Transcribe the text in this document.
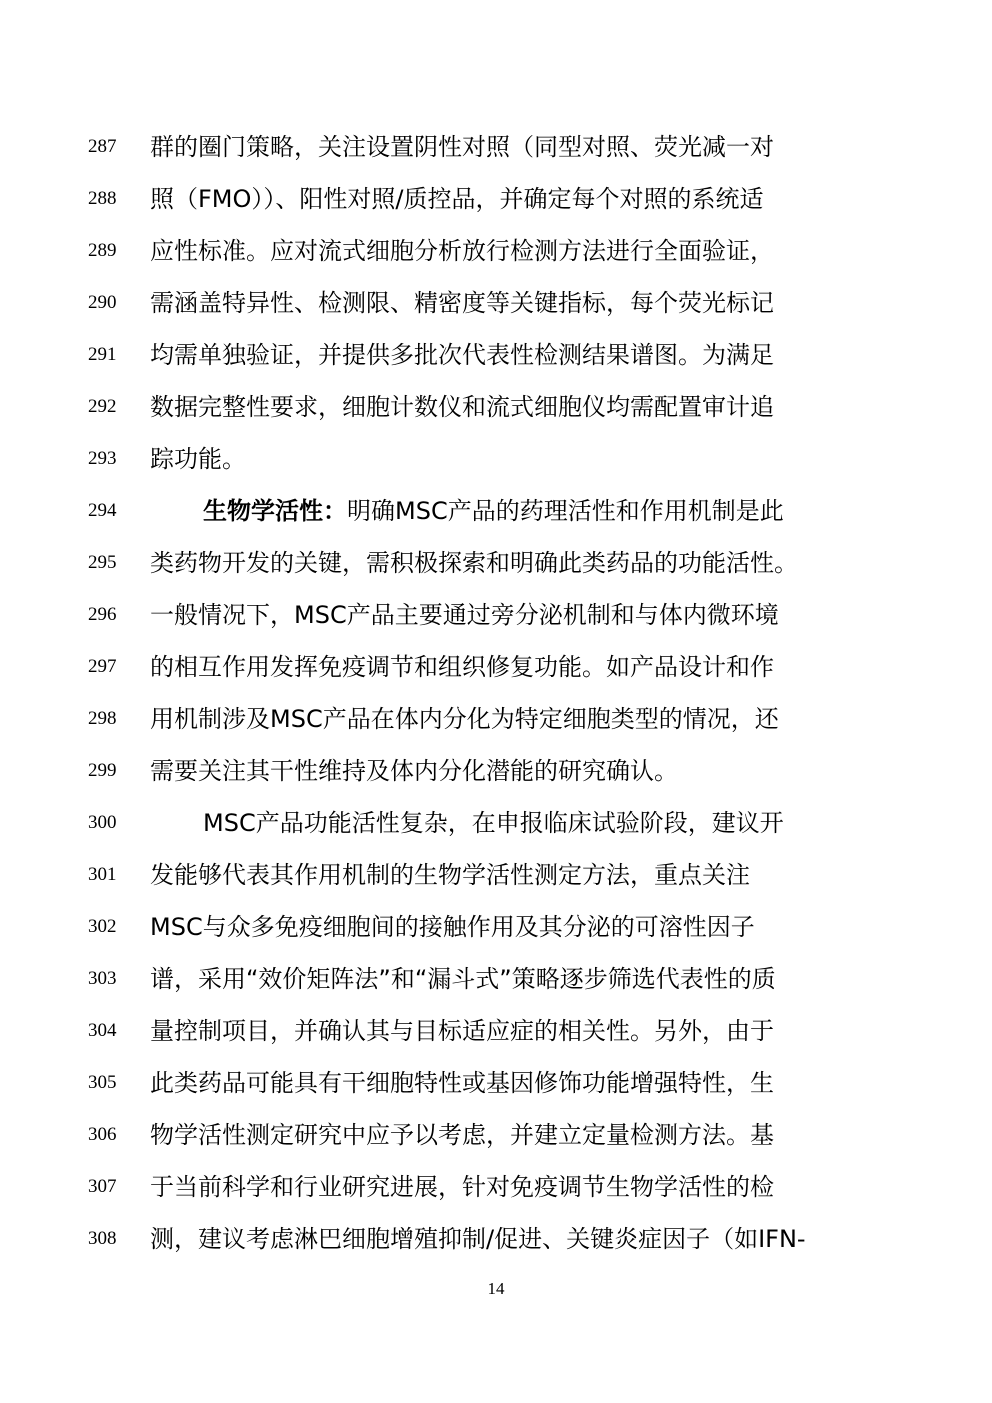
287	群的圈门策略，关注设置阴性对照（同型对照、荧光减一对
288	照（FMO））、阳性对照/质控品，并确定每个对照的系统适
289	应性标准。应对流式细胞分析放行检测方法进行全面验证，
290	需涵盖特异性、检测限、精密度等关键指标，每个荧光标记
291	均需单独验证，并提供多批次代表性检测结果谱图。为满足
292	数据完整性要求，细胞计数仪和流式细胞仪均需配置审计追
293	踪功能。
294	生物学活性：明确MSC产品的药理活性和作用机制是此
295	类药物开发的关键，需积极探索和明确此类药品的功能活性。
296	一般情况下，MSC产品主要通过旁分泌机制和与体内微环境
297	的相互作用发挥免疫调节和组织修复功能。如产品设计和作
298	用机制涉及MSC产品在体内分化为特定细胞类型的情况，还
299	需要关注其干性维持及体内分化潜能的研究确认。
300	MSC产品功能活性复杂，在申报临床试验阶段，建议开
301	发能够代表其作用机制的生物学活性测定方法，重点关注
302	MSC与众多免疫细胞间的接触作用及其分泌的可溶性因子
303	谱，采用“效价矩阵法”和“漏斗式”策略逐步筛选代表性的质
304	量控制项目，并确认其与目标适应症的相关性。另外，由于
305	此类药品可能具有干细胞特性或基因修饰功能增强特性，生
306	物学活性测定研究中应予以考虑，并建立定量检测方法。基
307	于当前科学和行业研究进展，针对免疫调节生物学活性的检
308	测，建议考虑淋巴细胞增殖抑制/促进、关键炎症因子（如IFN-
14
